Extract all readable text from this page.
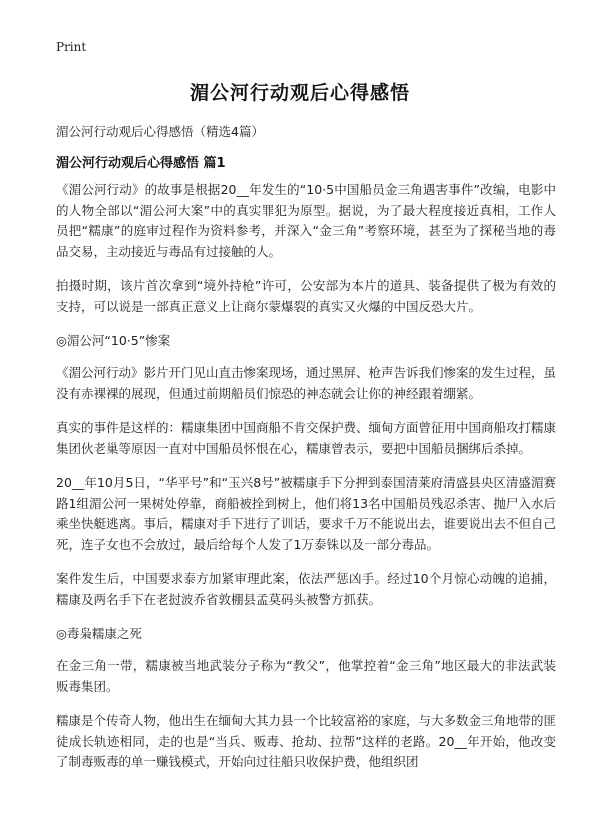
Print
湄公河行动观后心得感悟
湄公河行动观后心得感悟（精选4篇）
湄公河行动观后心得感悟 篇1

《湄公河行动》的故事是根据20__年发生的“10·5中国船员金三角遇害事件”改编，电影中的人物全部以“湄公河大案”中的真实罪犯为原型。据说，为了最大程度接近真相，工作人员把“糯康”的庭审过程作为资料参考，并深入“金三角”考察环境，甚至为了探秘当地的毒品交易，主动接近与毒品有过接触的人。

拍摄时期，该片首次拿到“境外持枪”许可，公安部为本片的道具、装备提供了极为有效的支持，可以说是一部真正意义上让商尔蒙爆裂的真实又火爆的中国反恐大片。

◎湄公河“10·5”惨案

《湄公河行动》影片开门见山直击惨案现场，通过黑屏、枪声告诉我们惨案的发生过程，虽没有赤裸裸的展现，但通过前期船员们惊恐的神态就会让你的神经跟着绷紧。

真实的事件是这样的：糯康集团中国商船不肯交保护费、缅甸方面曾征用中国商船攻打糯康集团伙老巢等原因一直对中国船员怀恨在心，糯康曾表示，要把中国船员捆绑后杀掉。

20__年10月5日，“华平号”和“玉兴8号”被糯康手下分押到泰国清莱府清盛县央区清盛湄赛路1组湄公河一果树处停靠，商船被拴到树上，他们将13名中国船员残忍杀害、抛尸入水后乘坐快艇逃离。事后，糯康对手下进行了训话，要求千万不能说出去，谁要说出去不但自己死，连子女也不会放过，最后给每个人发了1万泰铢以及一部分毒品。

案件发生后，中国要求泰方加紧审理此案，依法严惩凶手。经过10个月惊心动魄的追捕，糯康及两名手下在老挝波乔省敦棚县孟莫码头被警方抓获。

◎毒枭糯康之死

在金三角一带，糯康被当地武装分子称为“教父”，他掌控着“金三角”地区最大的非法武装贩毒集团。

糯康是个传奇人物，他出生在缅甸大其力县一个比较富裕的家庭，与大多数金三角地带的匪徒成长轨迹相同，走的也是“当兵、贩毒、抢劫、拉帮”这样的老路。20__年开始，他改变了制毒贩毒的单一赚钱模式，开始向过往船只收保护费，他组织团
